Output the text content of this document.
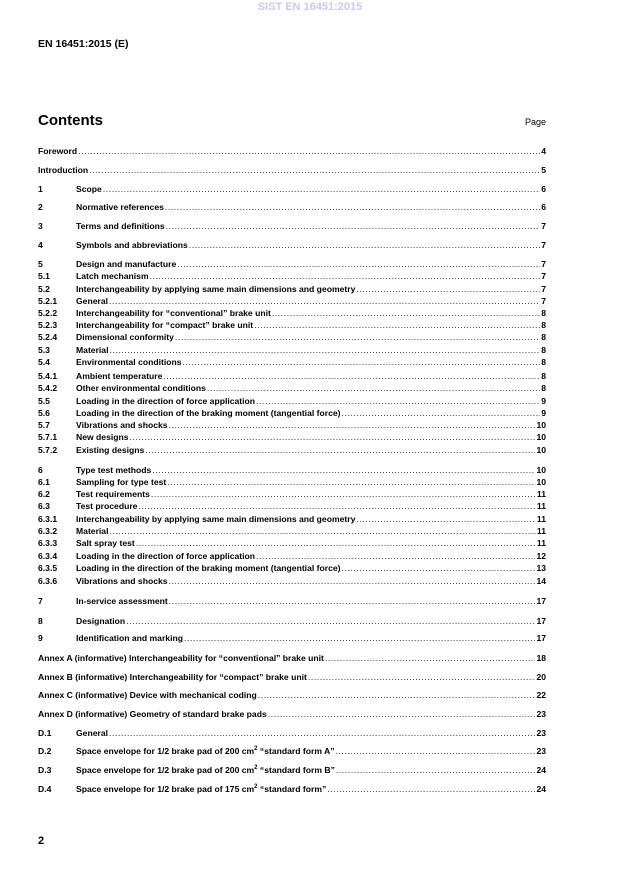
SIST EN 16451:2015
EN 16451:2015 (E)
Contents	Page
Foreword .....	4
Introduction .....	5
1	Scope .....	6
2	Normative references .....	6
3	Terms and definitions .....	7
4	Symbols and abbreviations .....	7
5	Design and manufacture .....	7
5.1	Latch mechanism .....	7
5.2	Interchangeability by applying same main dimensions and geometry .....	7
5.2.1	General .....	7
5.2.2	Interchangeability for “conventional” brake unit .....	8
5.2.3	Interchangeability for “compact” brake unit .....	8
5.2.4	Dimensional conformity .....	8
5.3	Material .....	8
5.4	Environmental conditions .....	8
5.4.1	Ambient temperature .....	8
5.4.2	Other environmental conditions .....	8
5.5	Loading in the direction of force application .....	9
5.6	Loading in the direction of the braking moment (tangential force) .....	9
5.7	Vibrations and shocks .....	10
5.7.1	New designs .....	10
5.7.2	Existing designs .....	10
6	Type test methods .....	10
6.1	Sampling for type test .....	10
6.2	Test requirements .....	11
6.3	Test procedure .....	11
6.3.1	Interchangeability by applying same main dimensions and geometry .....	11
6.3.2	Material .....	11
6.3.3	Salt spray test .....	11
6.3.4	Loading in the direction of force application .....	12
6.3.5	Loading in the direction of the braking moment (tangential force) .....	13
6.3.6	Vibrations and shocks .....	14
7	In-service assessment .....	17
8	Designation .....	17
9	Identification and marking .....	17
Annex A (informative) Interchangeability for “conventional” brake unit .....	18
Annex B (informative) Interchangeability for “compact” brake unit .....	20
Annex C (informative) Device with mechanical coding .....	22
Annex D (informative) Geometry of standard brake pads .....	23
D.1	General .....	23
D.2	Space envelope for 1/2 brake pad of 200 $cm^2$ “standard form A” .....	23
D.3	Space envelope for 1/2 brake pad of 200 $cm^2$ “standard form B” .....	24
D.4	Space envelope for 1/2 brake pad of 175 $cm^2$ “standard form” .....	24
2
